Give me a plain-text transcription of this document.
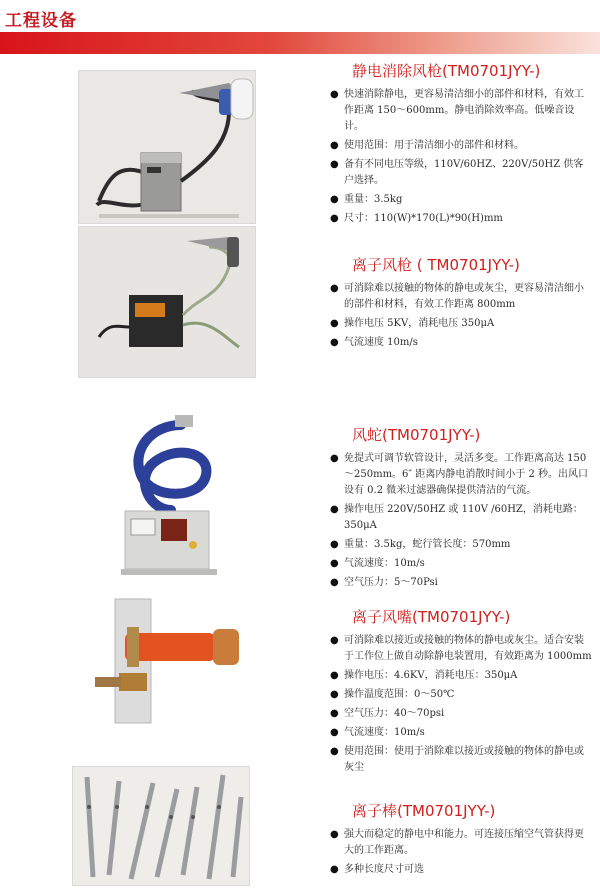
工程设备
静电消除风枪(TM0701JYY-)
● 快速消除静电，更容易清洁细小的部件和材料，有效工作距离 150～600mm。静电消除效率高。低噪音设计。
● 使用范围：用于清洁细小的部件和材料。
● 备有不同电压等级，110V/60HZ、220V/50HZ 供客户选择。
● 重量：3.5kg
● 尺寸：110(W)*170(L)*90(H)mm
离子风枪 ( TM0701JYY-)
● 可消除难以接触的物体的静电或灰尘，更容易清洁细小的部件和材料，有效工作距离 800mm
● 操作电压 5KV，消耗电压 350μA
● 气流速度 10m/s
风蛇(TM0701JYY-)
● 免提式可调节软管设计，灵活多变。工作距离高达 150～250mm。6″ 距离内静电消散时间小于 2 秒。出风口设有 0.2 微米过滤器确保提供清洁的气流。
● 操作电压 220V/50HZ 或 110V /60HZ，消耗电路：350μA
● 重量：3.5kg，蛇行管长度：570mm
● 气流速度：10m/s
● 空气压力：5～70Psi
离子风嘴(TM0701JYY-)
● 可消除难以接近或接触的物体的静电或灰尘。适合安装于工作位上做自动除静电装置用，有效距离为 1000mm
● 操作电压：4.6KV，消耗电压：350μA
● 操作温度范围：0～50℃
● 空气压力：40～70psi
● 气流速度：10m/s
● 使用范围：使用于消除难以接近或接触的物体的静电或灰尘
离子棒(TM0701JYY-)
● 强大而稳定的静电中和能力。可连接压缩空气管获得更大的工作距离。
● 多种长度尺寸可选
